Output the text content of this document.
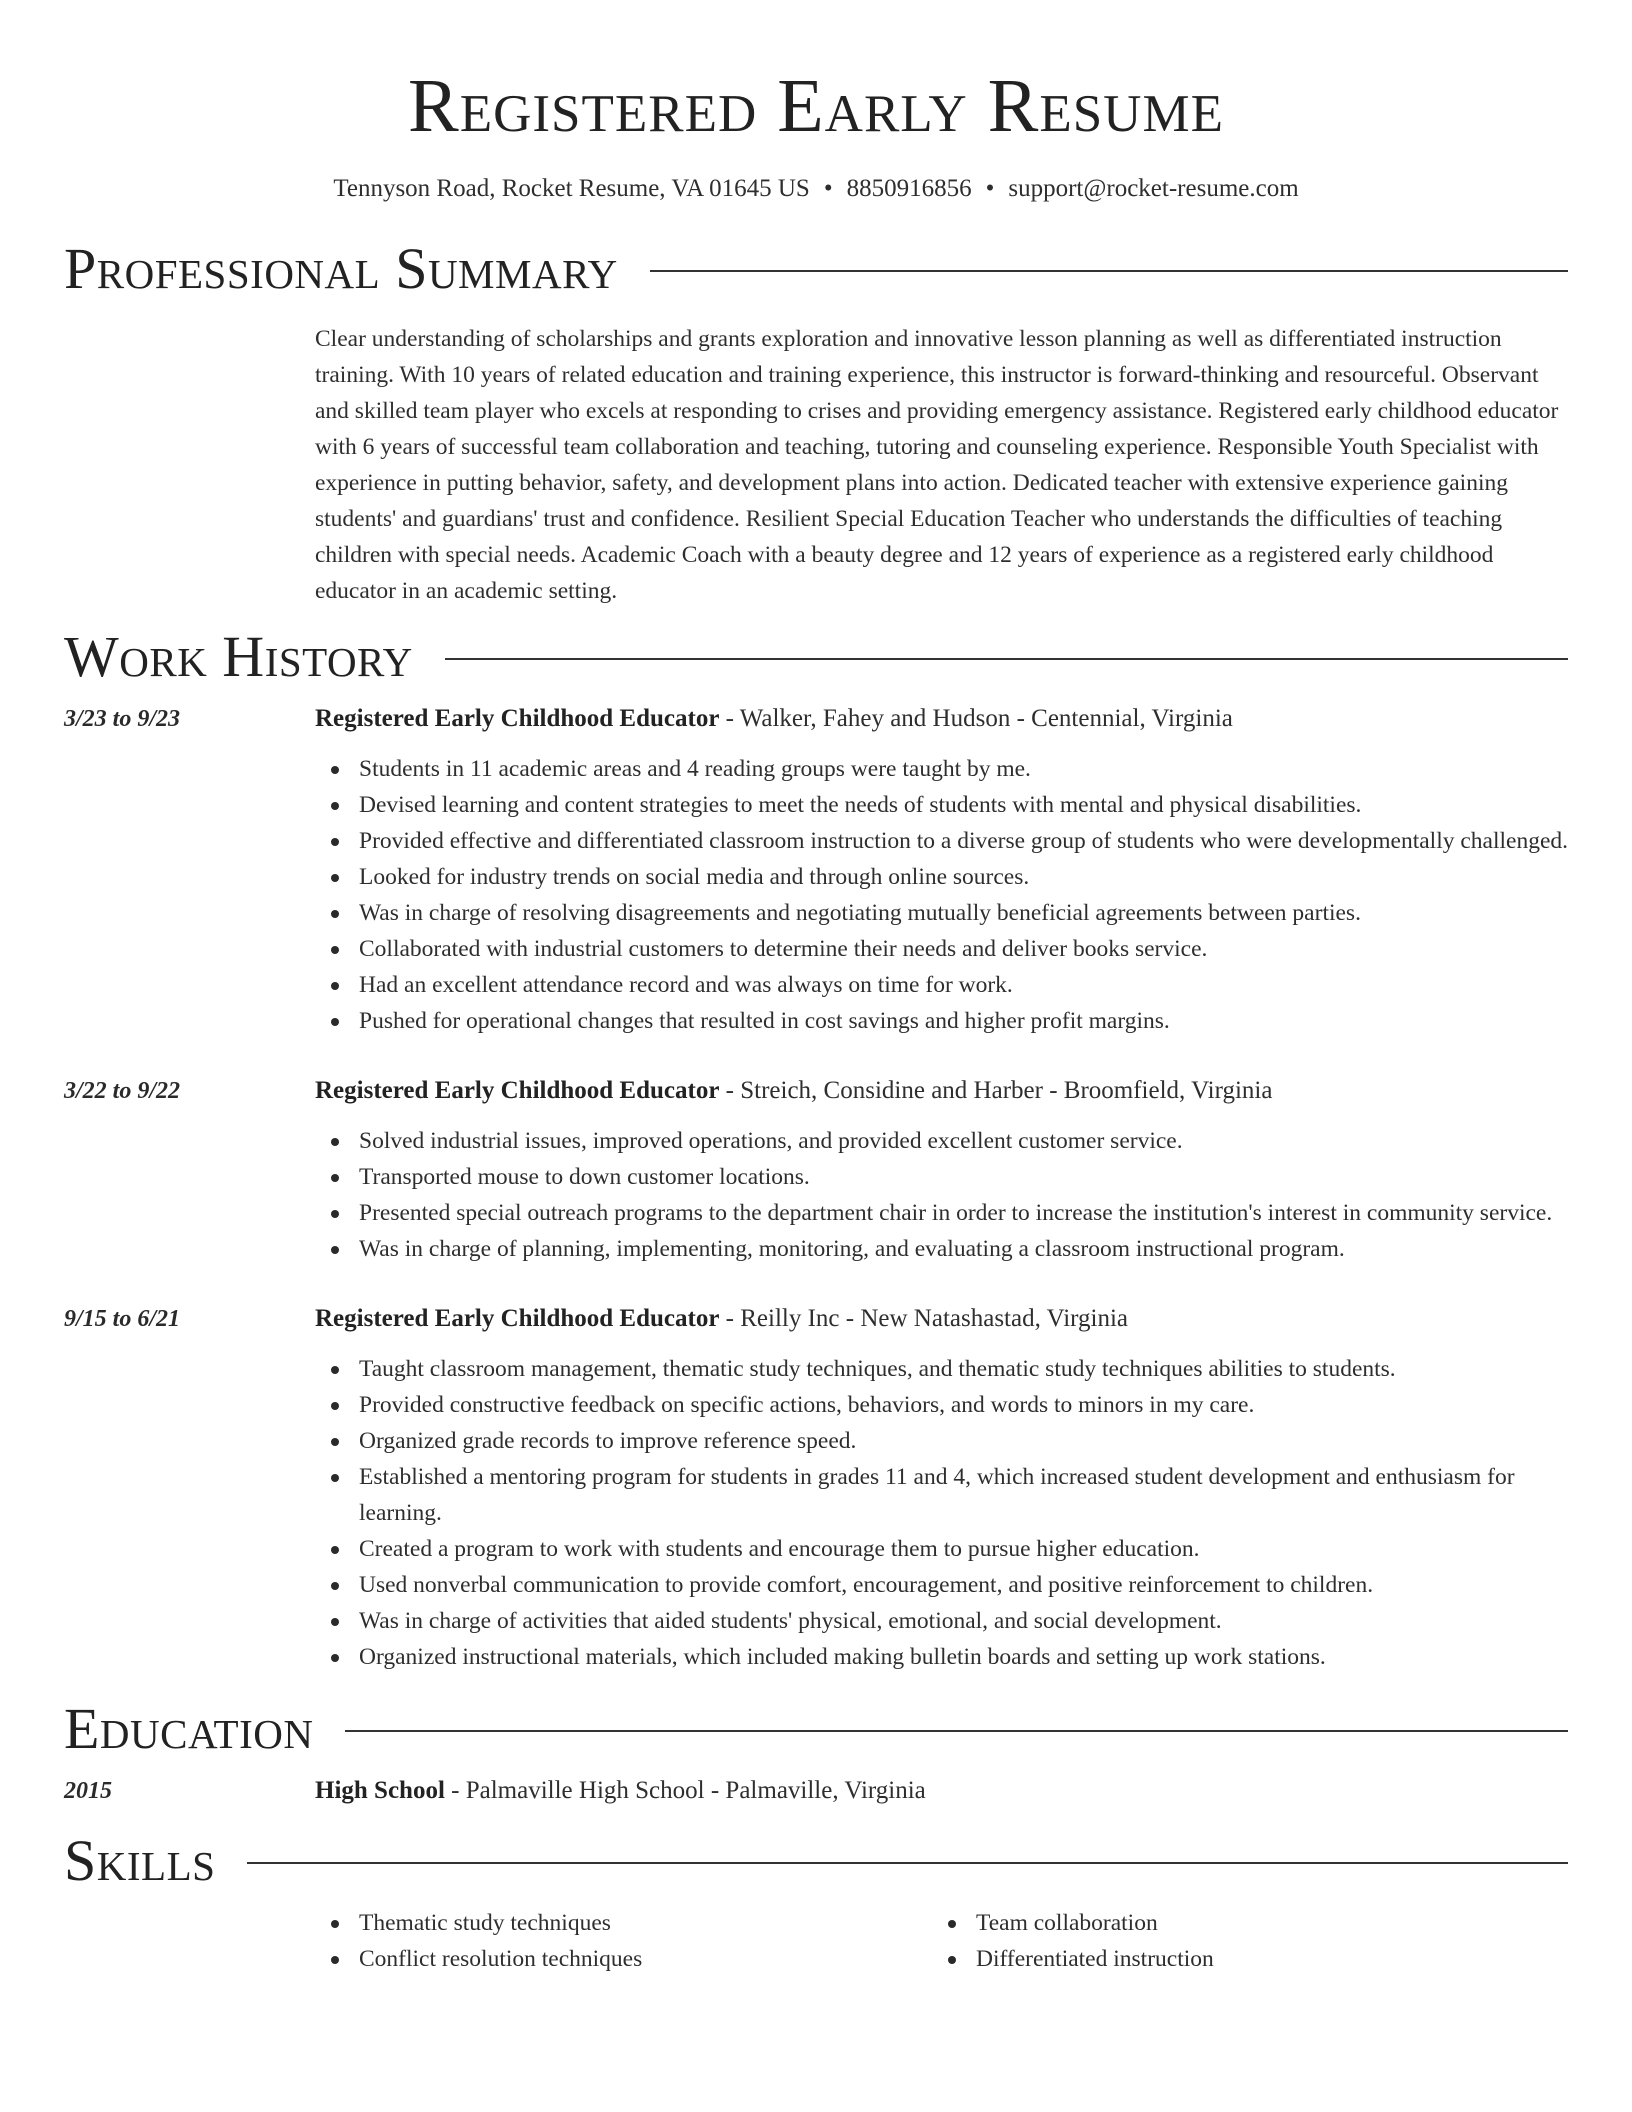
Registered Early Resume
Tennyson Road, Rocket Resume, VA 01645 US • 8850916856 • support@rocket-resume.com
Professional Summary

Clear understanding of scholarships and grants exploration and innovative lesson planning as well as differentiated instruction training. With 10 years of related education and training experience, this instructor is forward-thinking and resourceful. Observant and skilled team player who excels at responding to crises and providing emergency assistance. Registered early childhood educator with 6 years of successful team collaboration and teaching, tutoring and counseling experience. Responsible Youth Specialist with experience in putting behavior, safety, and development plans into action. Dedicated teacher with extensive experience gaining students' and guardians' trust and confidence. Resilient Special Education Teacher who understands the difficulties of teaching children with special needs. Academic Coach with a beauty degree and 12 years of experience as a registered early childhood educator in an academic setting.

Work History
3/23 to 9/23	Registered Early Childhood Educator - Walker, Fahey and Hudson - Centennial, Virginia
Students in 11 academic areas and 4 reading groups were taught by me.
Devised learning and content strategies to meet the needs of students with mental and physical disabilities.
Provided effective and differentiated classroom instruction to a diverse group of students who were developmentally challenged.
Looked for industry trends on social media and through online sources.
Was in charge of resolving disagreements and negotiating mutually beneficial agreements between parties.
Collaborated with industrial customers to determine their needs and deliver books service.
Had an excellent attendance record and was always on time for work.
Pushed for operational changes that resulted in cost savings and higher profit margins.
3/22 to 9/22	Registered Early Childhood Educator - Streich, Considine and Harber - Broomfield, Virginia
Solved industrial issues, improved operations, and provided excellent customer service.
Transported mouse to down customer locations.
Presented special outreach programs to the department chair in order to increase the institution's interest in community service.
Was in charge of planning, implementing, monitoring, and evaluating a classroom instructional program.
9/15 to 6/21	Registered Early Childhood Educator - Reilly Inc - New Natashastad, Virginia
Taught classroom management, thematic study techniques, and thematic study techniques abilities to students.
Provided constructive feedback on specific actions, behaviors, and words to minors in my care.
Organized grade records to improve reference speed.
Established a mentoring program for students in grades 11 and 4, which increased student development and enthusiasm for learning.
Created a program to work with students and encourage them to pursue higher education.
Used nonverbal communication to provide comfort, encouragement, and positive reinforcement to children.
Was in charge of activities that aided students' physical, emotional, and social development.
Organized instructional materials, which included making bulletin boards and setting up work stations.
Education
2015	High School - Palmaville High School - Palmaville, Virginia
Skills
Thematic study techniques
Conflict resolution techniques
Team collaboration
Differentiated instruction
